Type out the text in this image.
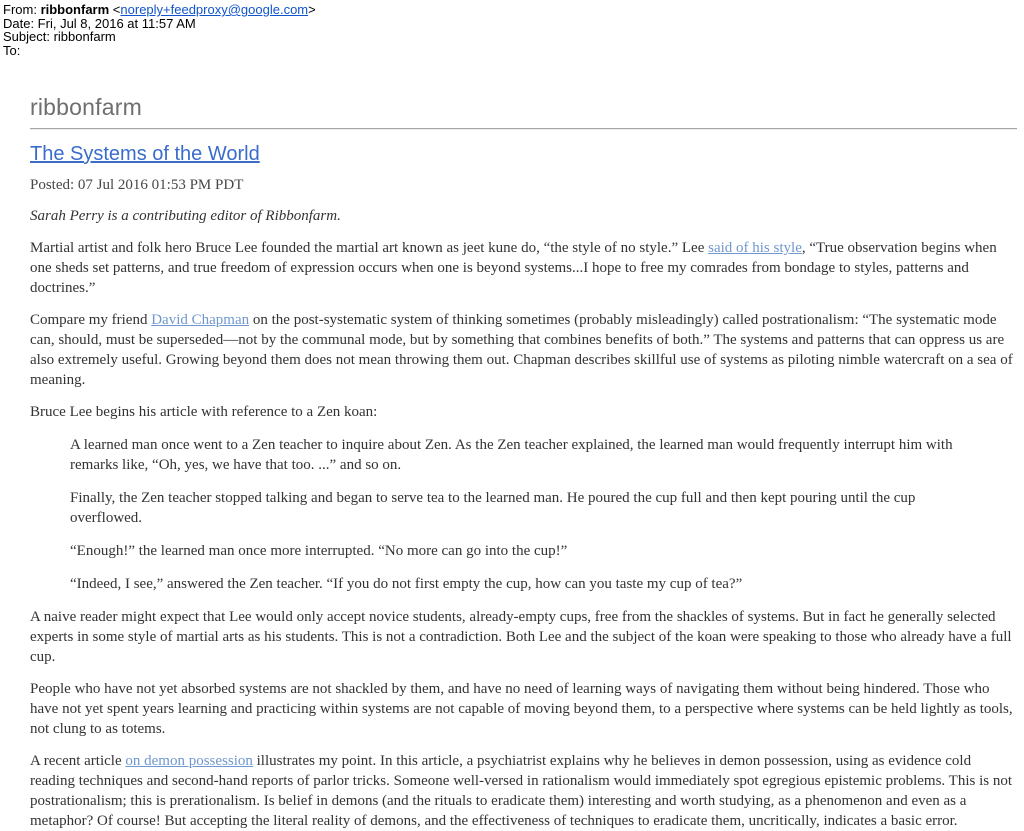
From: ribbonfarm <noreply+feedproxy@google.com>
Date: Fri, Jul 8, 2016 at 11:57 AM
Subject: ribbonfarm
To:
ribbonfarm
The Systems of the World
Posted: 07 Jul 2016 01:53 PM PDT

Sarah Perry is a contributing editor of Ribbonfarm.

Martial artist and folk hero Bruce Lee founded the martial art known as jeet kune do, “the style of no style.” Lee said of his style, “True observation begins when one sheds set patterns, and true freedom of expression occurs when one is beyond systems...I hope to free my comrades from bondage to styles, patterns and doctrines.”

Compare my friend David Chapman on the post-systematic system of thinking sometimes (probably misleadingly) called postrationalism: “The systematic mode can, should, must be superseded—not by the communal mode, but by something that combines benefits of both.” The systems and patterns that can oppress us are also extremely useful. Growing beyond them does not mean throwing them out. Chapman describes skillful use of systems as piloting nimble watercraft on a sea of meaning.

Bruce Lee begins his article with reference to a Zen koan:

A learned man once went to a Zen teacher to inquire about Zen. As the Zen teacher explained, the learned man would frequently interrupt him with remarks like, “Oh, yes, we have that too. ...” and so on.

Finally, the Zen teacher stopped talking and began to serve tea to the learned man. He poured the cup full and then kept pouring until the cup overflowed.

“Enough!” the learned man once more interrupted. “No more can go into the cup!”

“Indeed, I see,” answered the Zen teacher. “If you do not first empty the cup, how can you taste my cup of tea?”

A naive reader might expect that Lee would only accept novice students, already-empty cups, free from the shackles of systems. But in fact he generally selected experts in some style of martial arts as his students. This is not a contradiction. Both Lee and the subject of the koan were speaking to those who already have a full cup.

People who have not yet absorbed systems are not shackled by them, and have no need of learning ways of navigating them without being hindered. Those who have not yet spent years learning and practicing within systems are not capable of moving beyond them, to a perspective where systems can be held lightly as tools, not clung to as totems.

A recent article on demon possession illustrates my point. In this article, a psychiatrist explains why he believes in demon possession, using as evidence cold reading techniques and second-hand reports of parlor tricks. Someone well-versed in rationalism would immediately spot egregious epistemic problems. This is not postrationalism; this is prerationalism. Is belief in demons (and the rituals to eradicate them) interesting and worth studying, as a phenomenon and even as a metaphor? Of course! But accepting the literal reality of demons, and the effectiveness of techniques to eradicate them, uncritically, indicates a basic error.
